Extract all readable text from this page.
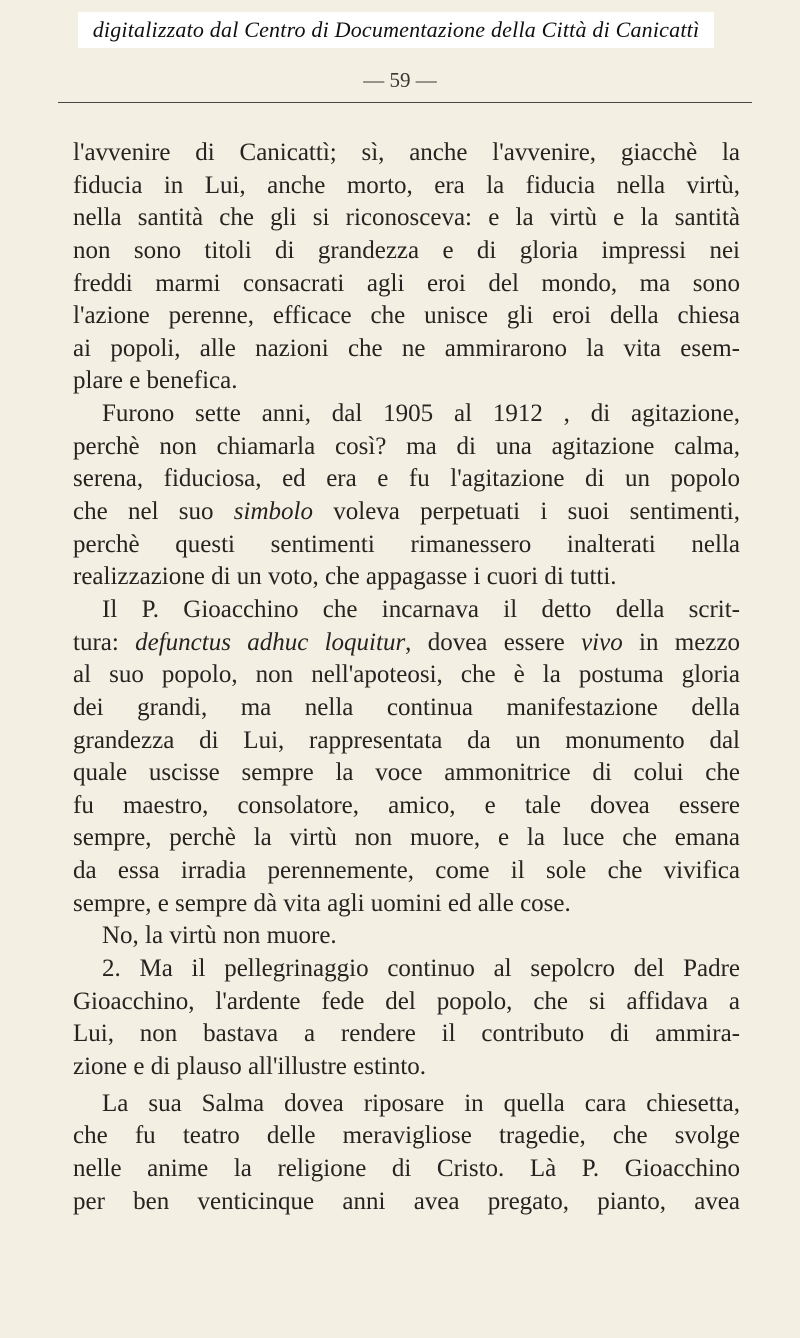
digitalizzato dal Centro di Documentazione della Città di Canicattì
— 59 —
l'avvenire di Canicattì; sì, anche l'avvenire, giacchè la
fiducia in Lui, anche morto, era la fiducia nella virtù,
nella santità che gli si riconosceva: e la virtù e la santità
non sono titoli di grandezza e di gloria impressi nei
freddi marmi consacrati agli eroi del mondo, ma sono
l'azione perenne, efficace che unisce gli eroi della chiesa
ai popoli, alle nazioni che ne ammirarono la vita esem-
plare e benefica.
Furono sette anni, dal 1905 al 1912 , di agitazione,
perchè non chiamarla così? ma di una agitazione calma,
serena, fiduciosa, ed era e fu l'agitazione di un popolo
che nel suo simbolo voleva perpetuati i suoi sentimenti,
perchè questi sentimenti rimanessero inalterati nella
realizzazione di un voto, che appagasse i cuori di tutti.
Il P. Gioacchino che incarnava il detto della scrit-
tura: defunctus adhuc loquitur, dovea essere vivo in mezzo
al suo popolo, non nell'apoteosi, che è la postuma gloria
dei grandi, ma nella continua manifestazione della
grandezza di Lui, rappresentata da un monumento dal
quale uscisse sempre la voce ammonitrice di colui che
fu maestro, consolatore, amico, e tale dovea essere
sempre, perchè la virtù non muore, e la luce che emana
da essa irradia perennemente, come il sole che vivifica
sempre, e sempre dà vita agli uomini ed alle cose.
No, la virtù non muore.
2. Ma il pellegrinaggio continuo al sepolcro del Padre
Gioacchino, l'ardente fede del popolo, che si affidava a
Lui, non bastava a rendere il contributo di ammira-
zione e di plauso all'illustre estinto.
La sua Salma dovea riposare in quella cara chiesetta,
che fu teatro delle meravigliose tragedie, che svolge
nelle anime la religione di Cristo. Là P. Gioacchino
per ben venticinque anni avea pregato, pianto, avea
